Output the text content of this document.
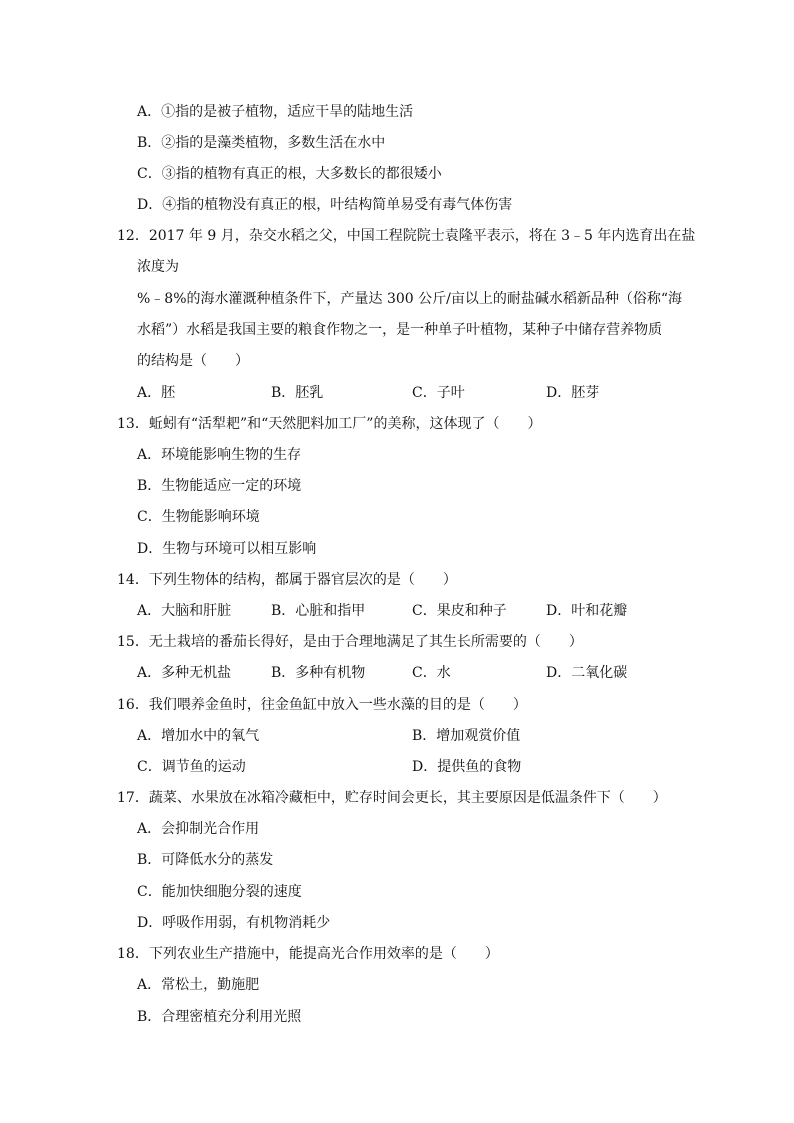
A．①指的是被子植物，适应干旱的陆地生活
B．②指的是藻类植物，多数生活在水中
C．③指的植物有真正的根，大多数长的都很矮小
D．④指的植物没有真正的根，叶结构简单易受有毒气体伤害
12．2017 年 9 月，杂交水稻之父，中国工程院院士袁隆平表示，将在 3﹣5 年内选育出在盐
浓度为
%﹣8%的海水灌溉种植条件下，产量达 300 公斤/亩以上的耐盐碱水稻新品种（俗称“海
水稻”）水稻是我国主要的粮食作物之一，是一种单子叶植物，某种子中储存营养物质
的结构是（　　）
A．胚	B．胚乳	C．子叶	D．胚芽
13．蚯蚓有“活犁耙”和“天然肥料加工厂”的美称，这体现了（　　）
A．环境能影响生物的生存
B．生物能适应一定的环境
C．生物能影响环境
D．生物与环境可以相互影响
14．下列生物体的结构，都属于器官层次的是（　　）
A．大脑和肝脏	B．心脏和指甲	C．果皮和种子	D．叶和花瓣
15．无土栽培的番茄长得好，是由于合理地满足了其生长所需要的（　　）
A．多种无机盐	B．多种有机物	C．水	D．二氧化碳
16．我们喂养金鱼时，往金鱼缸中放入一些水藻的目的是（　　）
A．增加水中的氧气	B．增加观赏价值
C．调节鱼的运动	D．提供鱼的食物
17．蔬菜、水果放在冰箱冷藏柜中，贮存时间会更长，其主要原因是低温条件下（　　）
A．会抑制光合作用
B．可降低水分的蒸发
C．能加快细胞分裂的速度
D．呼吸作用弱，有机物消耗少
18．下列农业生产措施中，能提高光合作用效率的是（　　）
A．常松土，勤施肥
B．合理密植充分利用光照
